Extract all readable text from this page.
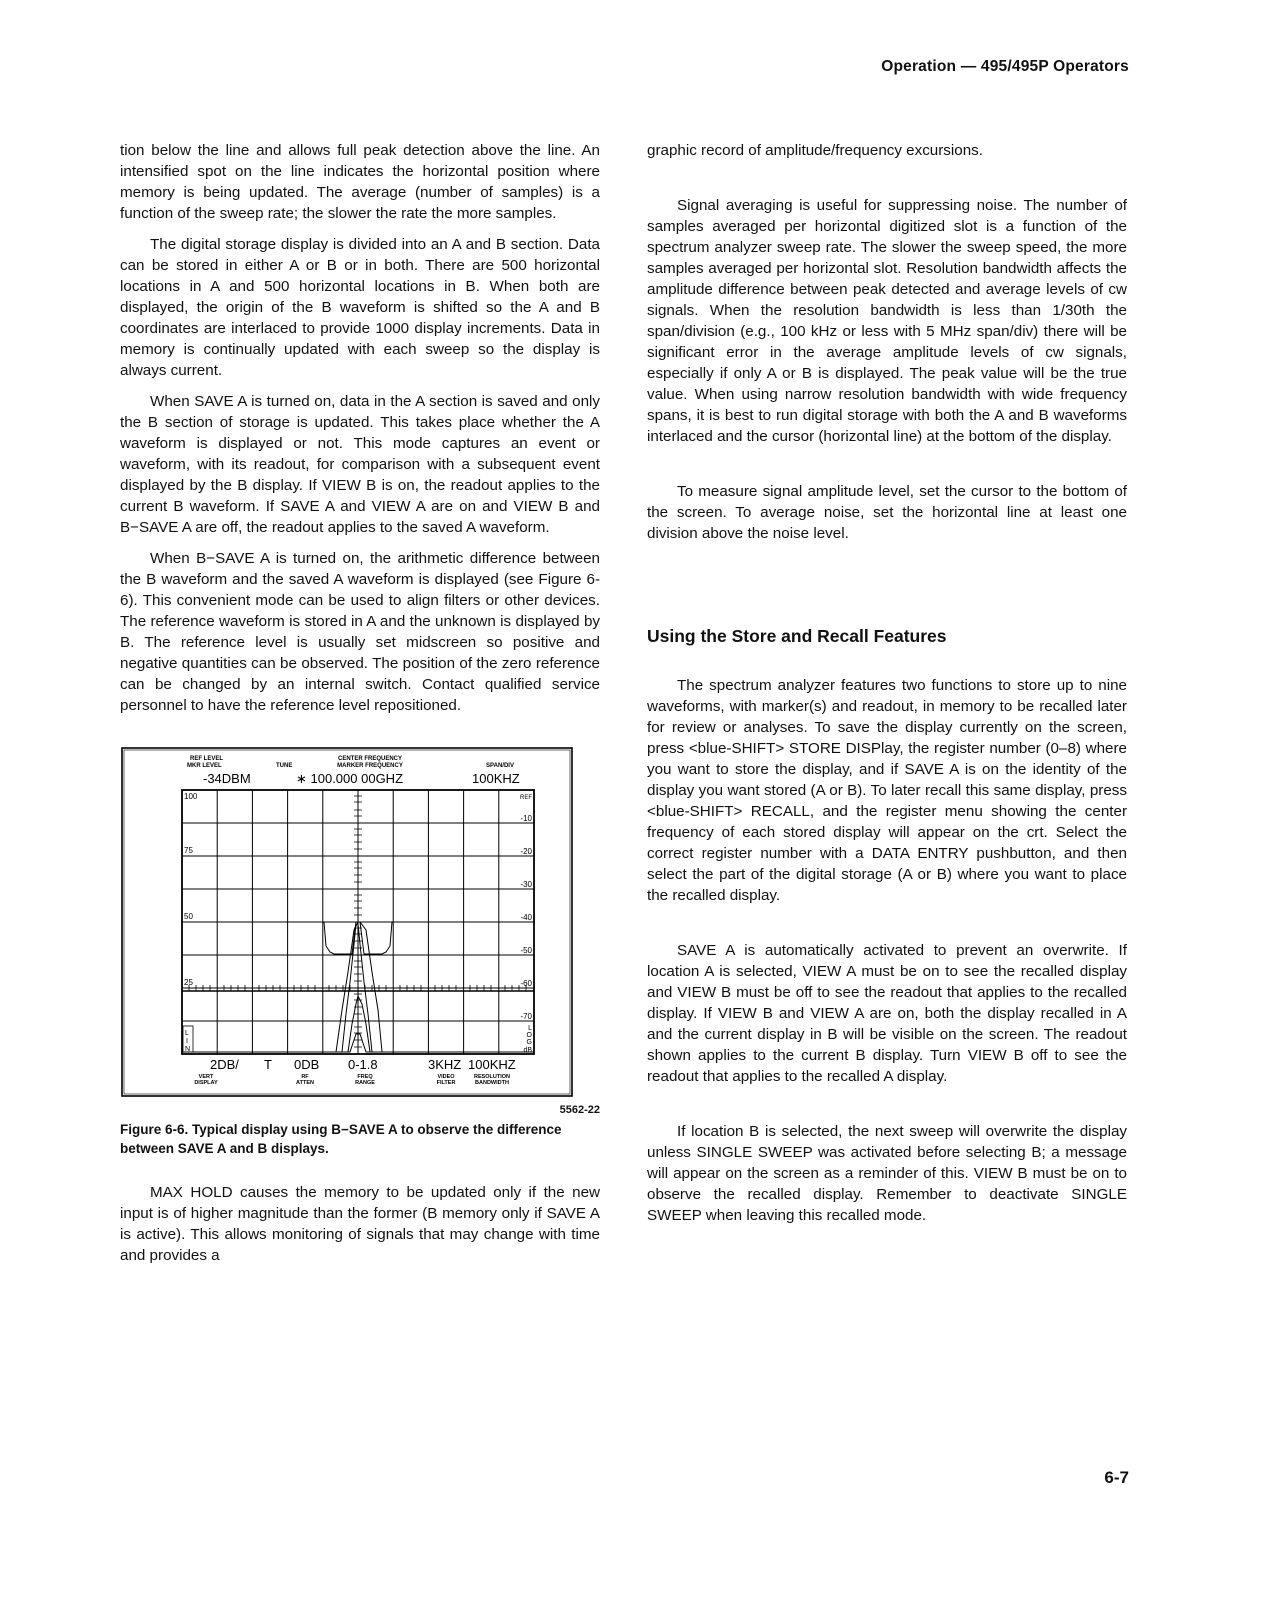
Operation — 495/495P Operators

tion below the line and allows full peak detection above the line. An intensified spot on the line indicates the horizontal position where memory is being updated. The average (number of samples) is a function of the sweep rate; the slower the rate the more samples.

The digital storage display is divided into an A and B section. Data can be stored in either A or B or in both. There are 500 horizontal locations in A and 500 horizontal locations in B. When both are displayed, the origin of the B waveform is shifted so the A and B coordinates are interlaced to provide 1000 display increments. Data in memory is continually updated with each sweep so the display is always current.

When SAVE A is turned on, data in the A section is saved and only the B section of storage is updated. This takes place whether the A waveform is displayed or not. This mode captures an event or waveform, with its readout, for comparison with a subsequent event displayed by the B display. If VIEW B is on, the readout applies to the current B waveform. If SAVE A and VIEW A are on and VIEW B and B−SAVE A are off, the readout applies to the saved A waveform.

When B−SAVE A is turned on, the arithmetic difference between the B waveform and the saved A waveform is displayed (see Figure 6-6). This convenient mode can be used to align filters or other devices. The reference waveform is stored in A and the unknown is displayed by B. The reference level is usually set midscreen so positive and negative quantities can be observed. The position of the zero reference can be changed by an internal switch. Contact qualified service personnel to have the reference level repositioned.

REF LEVEL
MKR LEVEL	TUNE
CENTER FREQUENCY
MARKER FREQUENCY	SPAN/DIV
-34DBM	∗ 100.000 00GHZ	100KHZ
100
75
50
25
L
I
N
REF
-10
-20
-30
-40
-50
-60
-70
L
O
G
dB
2DB/ T 0DB 0-1.8	3KHZ 100KHZ
VERT
DISPLAY
RF
ATTEN
FREQ
RANGE
VIDEO
FILTER
RESOLUTION
BANDWIDTH
5562-22
Figure 6-6. Typical display using B−SAVE A to observe the difference between SAVE A and B displays.

MAX HOLD causes the memory to be updated only if the new input is of higher magnitude than the former (B memory only if SAVE A is active). This allows monitoring of signals that may change with time and provides a

graphic record of amplitude/frequency excursions.

Signal averaging is useful for suppressing noise. The number of samples averaged per horizontal digitized slot is a function of the spectrum analyzer sweep rate. The slower the sweep speed, the more samples averaged per horizontal slot. Resolution bandwidth affects the amplitude difference between peak detected and average levels of cw signals. When the resolution bandwidth is less than 1/30th the span/division (e.g., 100 kHz or less with 5 MHz span/div) there will be significant error in the average amplitude levels of cw signals, especially if only A or B is displayed. The peak value will be the true value. When using narrow resolution bandwidth with wide frequency spans, it is best to run digital storage with both the A and B waveforms interlaced and the cursor (horizontal line) at the bottom of the display.

To measure signal amplitude level, set the cursor to the bottom of the screen. To average noise, set the horizontal line at least one division above the noise level.

Using the Store and Recall Features

The spectrum analyzer features two functions to store up to nine waveforms, with marker(s) and readout, in memory to be recalled later for review or analyses. To save the display currently on the screen, press <blue-SHIFT> STORE DISPlay, the register number (0–8) where you want to store the display, and if SAVE A is on the identity of the display you want stored (A or B). To later recall this same display, press <blue-SHIFT> RECALL, and the register menu showing the center frequency of each stored display will appear on the crt. Select the correct register number with a DATA ENTRY pushbutton, and then select the part of the digital storage (A or B) where you want to place the recalled display.

SAVE A is automatically activated to prevent an overwrite. If location A is selected, VIEW A must be on to see the recalled display and VIEW B must be off to see the readout that applies to the recalled display. If VIEW B and VIEW A are on, both the display recalled in A and the current display in B will be visible on the screen. The readout shown applies to the current B display. Turn VIEW B off to see the readout that applies to the recalled A display.

If location B is selected, the next sweep will overwrite the display unless SINGLE SWEEP was activated before selecting B; a message will appear on the screen as a reminder of this. VIEW B must be on to observe the recalled display. Remember to deactivate SINGLE SWEEP when leaving this recalled mode.

6-7
